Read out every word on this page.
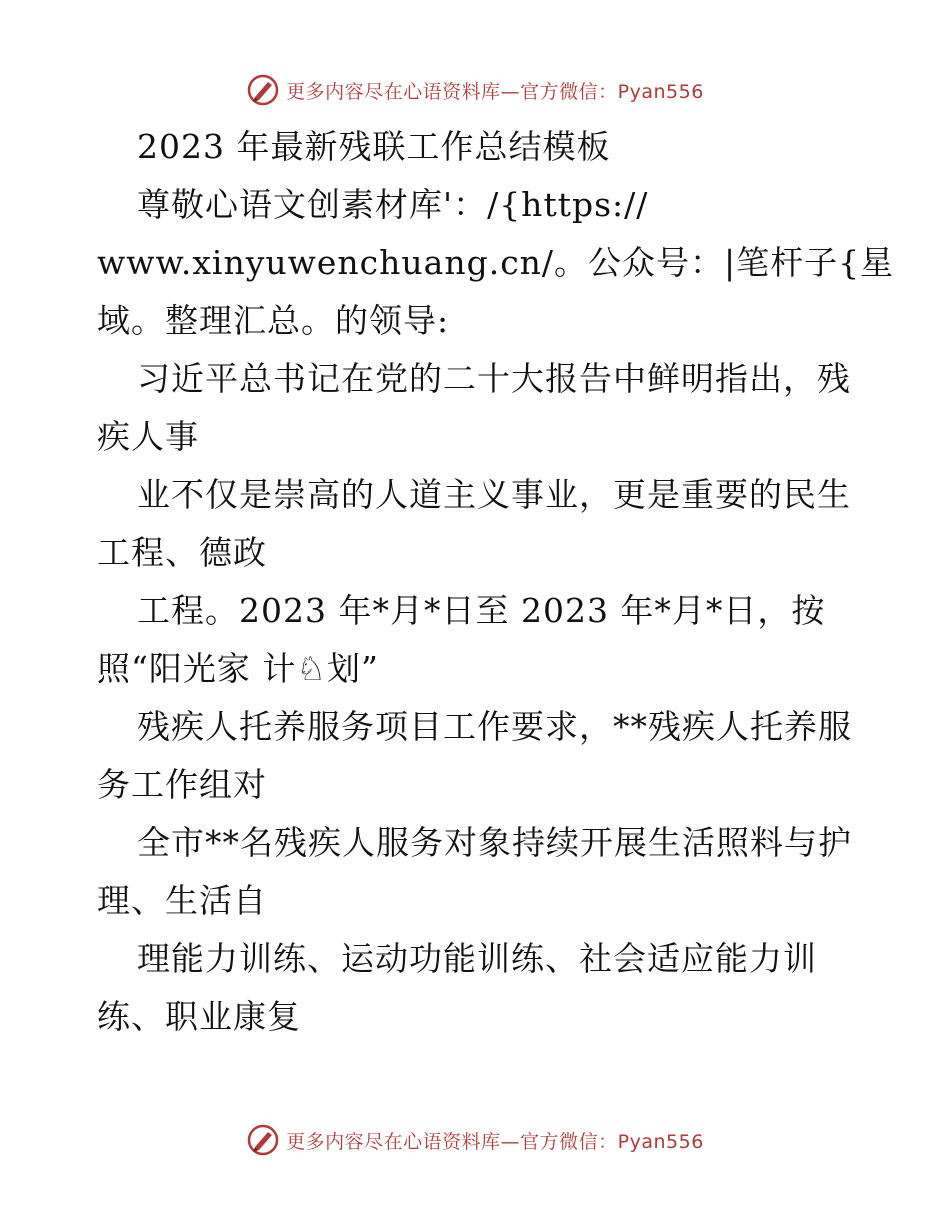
更多内容尽在心语资料库—官方微信：Pyan556
2023 年最新残联工作总结模板
尊敬心语文创素材库'：/{https://
www.xinyuwenchuang.cn/。公众号：|笔杆子{星
域。整理汇总。的领导:
习近平总书记在党的二十大报告中鲜明指出，残
疾人事
业不仅是崇高的人道主义事业，更是重要的民生
工程、德政
工程。2023 年*月*日至 2023 年*月*日，按
照“阳光家 计♘划”
残疾人托养服务项目工作要求，**残疾人托养服
务工作组对
全市**名残疾人服务对象持续开展生活照料与护
理、生活自
理能力训练、运动功能训练、社会适应能力训
练、职业康复
更多内容尽在心语资料库—官方微信：Pyan556
